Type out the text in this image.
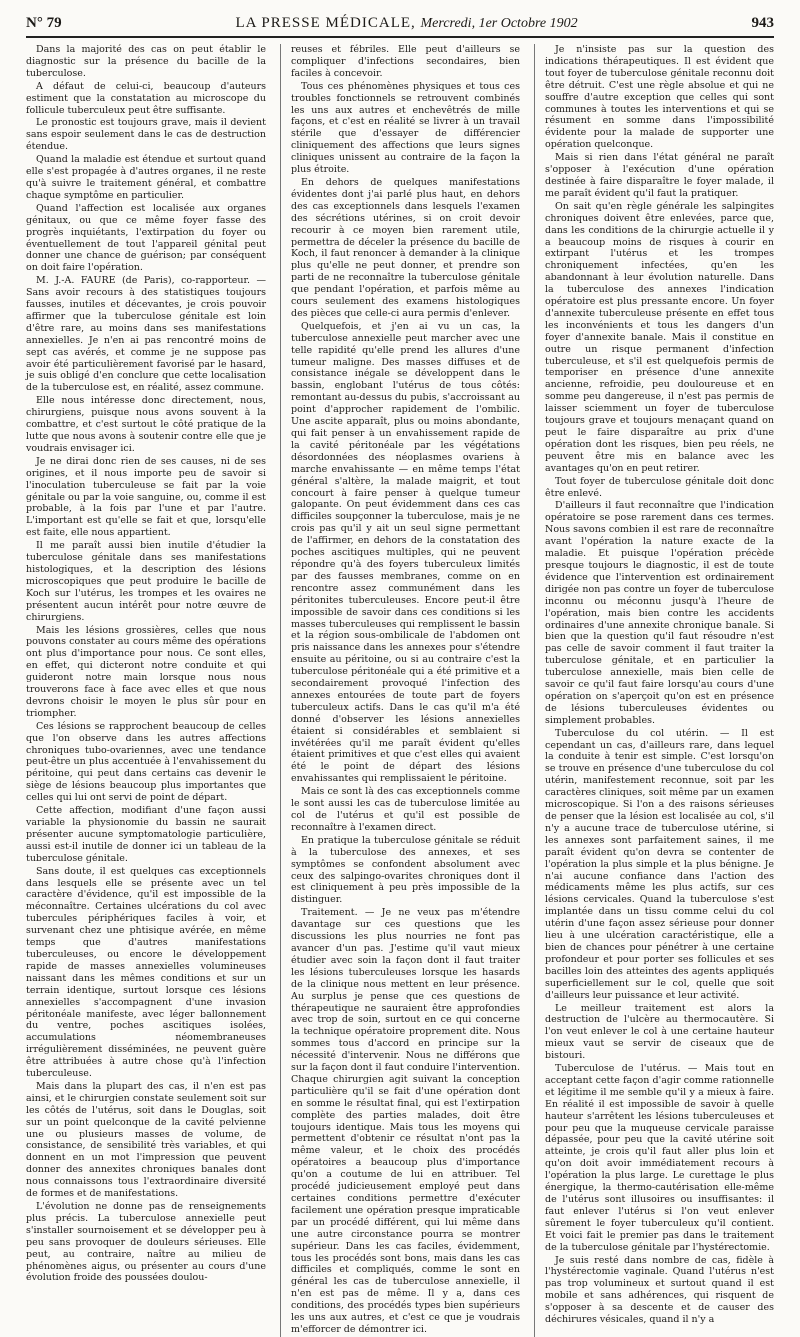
N° 79	LA PRESSE MÉDICALE, Mercredi, 1er Octobre 1902	943

Dans la majorité des cas on peut établir le diagnostic sur la présence du bacille de la tuberculose.

A défaut de celui-ci, beaucoup d'auteurs estiment que la constatation au microscope du follicule tuberculeux peut être suffisante.

Le pronostic est toujours grave, mais il devient sans espoir seulement dans le cas de destruction étendue.

Quand la maladie est étendue et surtout quand elle s'est propagée à d'autres organes, il ne reste qu'à suivre le traitement général, et combattre chaque symptôme en particulier.

Quand l'affection est localisée aux organes génitaux, ou que ce même foyer fasse des progrès inquiétants, l'extirpation du foyer ou éventuellement de tout l'appareil génital peut donner une chance de guérison; par conséquent on doit faire l'opération.

M. J.-A. FAURE (de Paris), co-rapporteur. — Sans avoir recours à des statistiques toujours fausses, inutiles et décevantes, je crois pouvoir affirmer que la tuberculose génitale est loin d'être rare, au moins dans ses manifestations annexielles. Je n'en ai pas rencontré moins de sept cas avérés, et comme je ne suppose pas avoir été particulièrement favorisé par le hasard, je suis obligé d'en conclure que cette localisation de la tuberculose est, en réalité, assez commune.

Elle nous intéresse donc directement, nous, chirurgiens, puisque nous avons souvent à la combattre, et c'est surtout le côté pratique de la lutte que nous avons à soutenir contre elle que je voudrais envisager ici.

Je ne dirai donc rien de ses causes, ni de ses origines, et il nous importe peu de savoir si l'inoculation tuberculeuse se fait par la voie génitale ou par la voie sanguine, ou, comme il est probable, à la fois par l'une et par l'autre. L'important est qu'elle se fait et que, lorsqu'elle est faite, elle nous appartient.

Il me paraît aussi bien inutile d'étudier la tuberculose génitale dans ses manifestations histologiques, et la description des lésions microscopiques que peut produire le bacille de Koch sur l'utérus, les trompes et les ovaires ne présentent aucun intérêt pour notre œuvre de chirurgiens.

Mais les lésions grossières, celles que nous pouvons constater au cours même des opérations ont plus d'importance pour nous. Ce sont elles, en effet, qui dicteront notre conduite et qui guideront notre main lorsque nous nous trouverons face à face avec elles et que nous devrons choisir le moyen le plus sûr pour en triompher.

Ces lésions se rapprochent beaucoup de celles que l'on observe dans les autres affections chroniques tubo-ovariennes, avec une tendance peut-être un plus accentuée à l'envahissement du péritoine, qui peut dans certains cas devenir le siège de lésions beaucoup plus importantes que celles qui lui ont servi de point de départ.

Cette affection, modifiant d'une façon aussi variable la physionomie du bassin ne saurait présenter aucune symptomatologie particulière, aussi est-il inutile de donner ici un tableau de la tuberculose génitale.

Sans doute, il est quelques cas exceptionnels dans lesquels elle se présente avec un tel caractère d'évidence, qu'il est impossible de la méconnaître. Certaines ulcérations du col avec tubercules périphériques faciles à voir, et survenant chez une phtisique avérée, en même temps que d'autres manifestations tuberculeuses, ou encore le développement rapide de masses annexielles volumineuses naissant dans les mêmes conditions et sur un terrain identique, surtout lorsque ces lésions annexielles s'accompagnent d'une invasion péritonéale manifeste, avec léger ballonnement du ventre, poches ascitiques isolées, accumulations néomembraneuses irrégulièrement disséminées, ne peuvent guère être attribuées à autre chose qu'à l'infection tuberculeuse.

Mais dans la plupart des cas, il n'en est pas ainsi, et le chirurgien constate seulement soit sur les côtés de l'utérus, soit dans le Douglas, soit sur un point quelconque de la cavité pelvienne une ou plusieurs masses de volume, de consistance, de sensibilité très variables, et qui donnent en un mot l'impression que peuvent donner des annexites chroniques banales dont nous connaissons tous l'extraordinaire diversité de formes et de manifestations.

L'évolution ne donne pas de renseignements plus précis. La tuberculose annexielle peut s'installer sournoisement et se développer peu à peu sans provoquer de douleurs sérieuses. Elle peut, au contraire, naître au milieu de phénomènes aigus, ou présenter au cours d'une évolution froide des poussées doulou-

reuses et fébriles. Elle peut d'ailleurs se compliquer d'infections secondaires, bien faciles à concevoir.

Tous ces phénomènes physiques et tous ces troubles fonctionnels se retrouvent combinés les uns aux autres et enchevêtrés de mille façons, et c'est en réalité se livrer à un travail stérile que d'essayer de différencier cliniquement des affections que leurs signes cliniques unissent au contraire de la façon la plus étroite.

En dehors de quelques manifestations évidentes dont j'ai parlé plus haut, en dehors des cas exceptionnels dans lesquels l'examen des sécrétions utérines, si on croit devoir recourir à ce moyen bien rarement utile, permettra de déceler la présence du bacille de Koch, il faut renoncer à demander à la clinique plus qu'elle ne peut donner, et prendre son parti de ne reconnaître la tuberculose génitale que pendant l'opération, et parfois même au cours seulement des examens histologiques des pièces que celle-ci aura permis d'enlever.

Quelquefois, et j'en ai vu un cas, la tuberculose annexielle peut marcher avec une telle rapidité qu'elle prend les allures d'une tumeur maligne. Des masses diffuses et de consistance inégale se développent dans le bassin, englobant l'utérus de tous côtés: remontant au-dessus du pubis, s'accroissant au point d'approcher rapidement de l'ombilic. Une ascite apparaît, plus ou moins abondante, qui fait penser à un envahissement rapide de la cavité péritonéale par les végétations désordonnées des néoplasmes ovariens à marche envahissante — en même temps l'état général s'altère, la malade maigrit, et tout concourt à faire penser à quelque tumeur galopante. On peut évidemment dans ces cas difficiles soupçonner la tuberculose, mais je ne crois pas qu'il y ait un seul signe permettant de l'affirmer, en dehors de la constatation des poches ascitiques multiples, qui ne peuvent répondre qu'à des foyers tuberculeux limités par des fausses membranes, comme on en rencontre assez communément dans les péritonites tuberculeuses. Encore peut-il être impossible de savoir dans ces conditions si les masses tuberculeuses qui remplissent le bassin et la région sous-ombilicale de l'abdomen ont pris naissance dans les annexes pour s'étendre ensuite au péritoine, ou si au contraire c'est la tuberculose péritonéale qui a été primitive et a secondairement provoqué l'infection des annexes entourées de toute part de foyers tuberculeux actifs. Dans le cas qu'il m'a été donné d'observer les lésions annexielles étaient si considérables et semblaient si invétérées qu'il me paraît évident qu'elles étaient primitives et que c'est elles qui avaient été le point de départ des lésions envahissantes qui remplissaient le péritoine.

Mais ce sont là des cas exceptionnels comme le sont aussi les cas de tuberculose limitée au col de l'utérus et qu'il est possible de reconnaître à l'examen direct.

En pratique la tuberculose génitale se réduit à la tuberculose des annexes, et ses symptômes se confondent absolument avec ceux des salpingo-ovarites chroniques dont il est cliniquement à peu près impossible de la distinguer.

Traitement. — Je ne veux pas m'étendre davantage sur ces questions que les discussions les plus nourries ne font pas avancer d'un pas. J'estime qu'il vaut mieux étudier avec soin la façon dont il faut traiter les lésions tuberculeuses lorsque les hasards de la clinique nous mettent en leur présence. Au surplus je pense que ces questions de thérapeutique ne sauraient être approfondies avec trop de soin, surtout en ce qui concerne la technique opératoire proprement dite. Nous sommes tous d'accord en principe sur la nécessité d'intervenir. Nous ne différons que sur la façon dont il faut conduire l'intervention. Chaque chirurgien agit suivant la conception particulière qu'il se fait d'une opération dont en somme le résultat final, qui est l'extirpation complète des parties malades, doit être toujours identique. Mais tous les moyens qui permettent d'obtenir ce résultat n'ont pas la même valeur, et le choix des procédés opératoires a beaucoup plus d'importance qu'on a coutume de lui en attribuer. Tel procédé judicieusement employé peut dans certaines conditions permettre d'exécuter facilement une opération presque impraticable par un procédé différent, qui lui même dans une autre circonstance pourra se montrer supérieur. Dans les cas faciles, évidemment, tous les procédés sont bons, mais dans les cas difficiles et compliqués, comme le sont en général les cas de tuberculose annexielle, il n'en est pas de même. Il y a, dans ces conditions, des procédés types bien supérieurs les uns aux autres, et c'est ce que je voudrais m'efforcer de démontrer ici.

Je n'insiste pas sur la question des indications thérapeutiques. Il est évident que tout foyer de tuberculose génitale reconnu doit être détruit. C'est une règle absolue et qui ne souffre d'autre exception que celles qui sont communes à toutes les interventions et qui se résument en somme dans l'impossibilité évidente pour la malade de supporter une opération quelconque.

Mais si rien dans l'état général ne paraît s'opposer à l'exécution d'une opération destinée à faire disparaître le foyer malade, il me paraît évident qu'il faut la pratiquer.

On sait qu'en règle générale les salpingites chroniques doivent être enlevées, parce que, dans les conditions de la chirurgie actuelle il y a beaucoup moins de risques à courir en extirpant l'utérus et les trompes chroniquement infectées, qu'en les abandonnant à leur évolution naturelle. Dans la tuberculose des annexes l'indication opératoire est plus pressante encore. Un foyer d'annexite tuberculeuse présente en effet tous les inconvénients et tous les dangers d'un foyer d'annexite banale. Mais il constitue en outre un risque permanent d'infection tuberculeuse, et s'il est quelquefois permis de temporiser en présence d'une annexite ancienne, refroidie, peu douloureuse et en somme peu dangereuse, il n'est pas permis de laisser sciemment un foyer de tuberculose toujours grave et toujours menaçant quand on peut le faire disparaître au prix d'une opération dont les risques, bien peu réels, ne peuvent être mis en balance avec les avantages qu'on en peut retirer.

Tout foyer de tuberculose génitale doit donc être enlevé.

D'ailleurs il faut reconnaître que l'indication opératoire se pose rarement dans ces termes. Nous savons combien il est rare de reconnaître avant l'opération la nature exacte de la maladie. Et puisque l'opération précède presque toujours le diagnostic, il est de toute évidence que l'intervention est ordinairement dirigée non pas contre un foyer de tuberculose inconnu ou méconnu jusqu'à l'heure de l'opération, mais bien contre les accidents ordinaires d'une annexite chronique banale. Si bien que la question qu'il faut résoudre n'est pas celle de savoir comment il faut traiter la tuberculose génitale, et en particulier la tuberculose annexielle, mais bien celle de savoir ce qu'il faut faire lorsqu'au cours d'une opération on s'aperçoit qu'on est en présence de lésions tuberculeuses évidentes ou simplement probables.

Tuberculose du col utérin. — Il est cependant un cas, d'ailleurs rare, dans lequel la conduite à tenir est simple. C'est lorsqu'on se trouve en présence d'une tuberculose du col utérin, manifestement reconnue, soit par les caractères cliniques, soit même par un examen microscopique. Si l'on a des raisons sérieuses de penser que la lésion est localisée au col, s'il n'y a aucune trace de tuberculose utérine, si les annexes sont parfaitement saines, il me paraît évident qu'on devra se contenter de l'opération la plus simple et la plus bénigne. Je n'ai aucune confiance dans l'action des médicaments même les plus actifs, sur ces lésions cervicales. Quand la tuberculose s'est implantée dans un tissu comme celui du col utérin d'une façon assez sérieuse pour donner lieu à une ulcération caractéristique, elle a bien de chances pour pénétrer à une certaine profondeur et pour porter ses follicules et ses bacilles loin des atteintes des agents appliqués superficiellement sur le col, quelle que soit d'ailleurs leur puissance et leur activité.

Le meilleur traitement est alors la destruction de l'ulcère au thermocautère. Si l'on veut enlever le col à une certaine hauteur mieux vaut se servir de ciseaux que de bistouri.

Tuberculose de l'utérus. — Mais tout en acceptant cette façon d'agir comme rationnelle et légitime il me semble qu'il y a mieux à faire. En réalité il est impossible de savoir à quelle hauteur s'arrêtent les lésions tuberculeuses et pour peu que la muqueuse cervicale paraisse dépassée, pour peu que la cavité utérine soit atteinte, je crois qu'il faut aller plus loin et qu'on doit avoir immédiatement recours à l'opération la plus large. Le curettage le plus énergique, la thermo-cautérisation elle-même de l'utérus sont illusoires ou insuffisantes: il faut enlever l'utérus si l'on veut enlever sûrement le foyer tuberculeux qu'il contient. Et voici fait le premier pas dans le traitement de la tuberculose génitale par l'hystérectomie.

Je suis resté dans nombre de cas, fidèle à l'hystérectomie vaginale. Quand l'utérus n'est pas trop volumineux et surtout quand il est mobile et sans adhérences, qui risquent de s'opposer à sa descente et de causer des déchirures vésicales, quand il n'y a
